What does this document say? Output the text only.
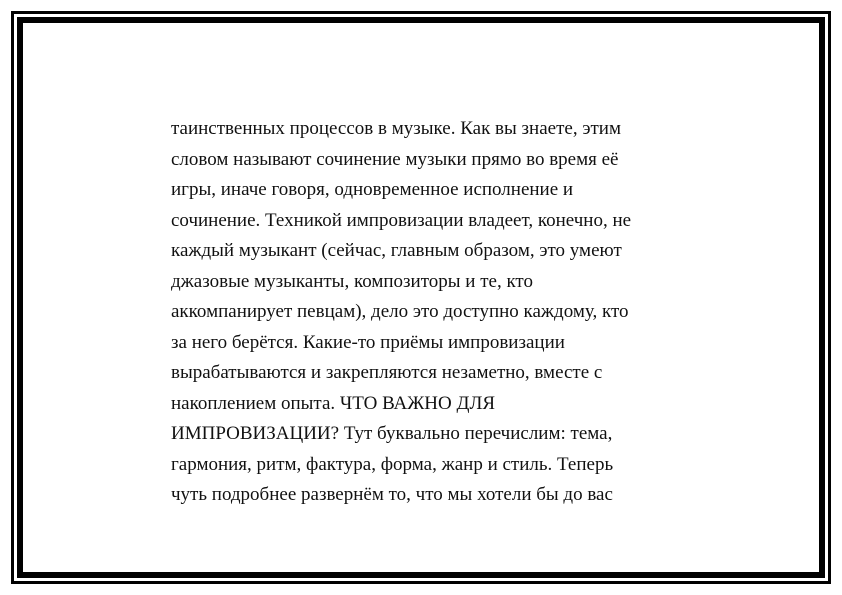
таинственных процессов в музыке. Как вы знаете, этим
словом называют сочинение музыки прямо во время её
игры, иначе говоря, одновременное исполнение и
сочинение. Техникой импровизации владеет, конечно, не
каждый музыкант (сейчас, главным образом, это умеют
джазовые музыканты, композиторы и те, кто
аккомпанирует певцам), дело это доступно каждому, кто
за него берётся. Какие-то приёмы импровизации
вырабатываются и закрепляются незаметно, вместе с
накоплением опыта. ЧТО ВАЖНО ДЛЯ
ИМПРОВИЗАЦИИ? Тут буквально перечислим: тема,
гармония, ритм, фактура, форма, жанр и стиль. Теперь
чуть подробнее развернём то, что мы хотели бы до вас
